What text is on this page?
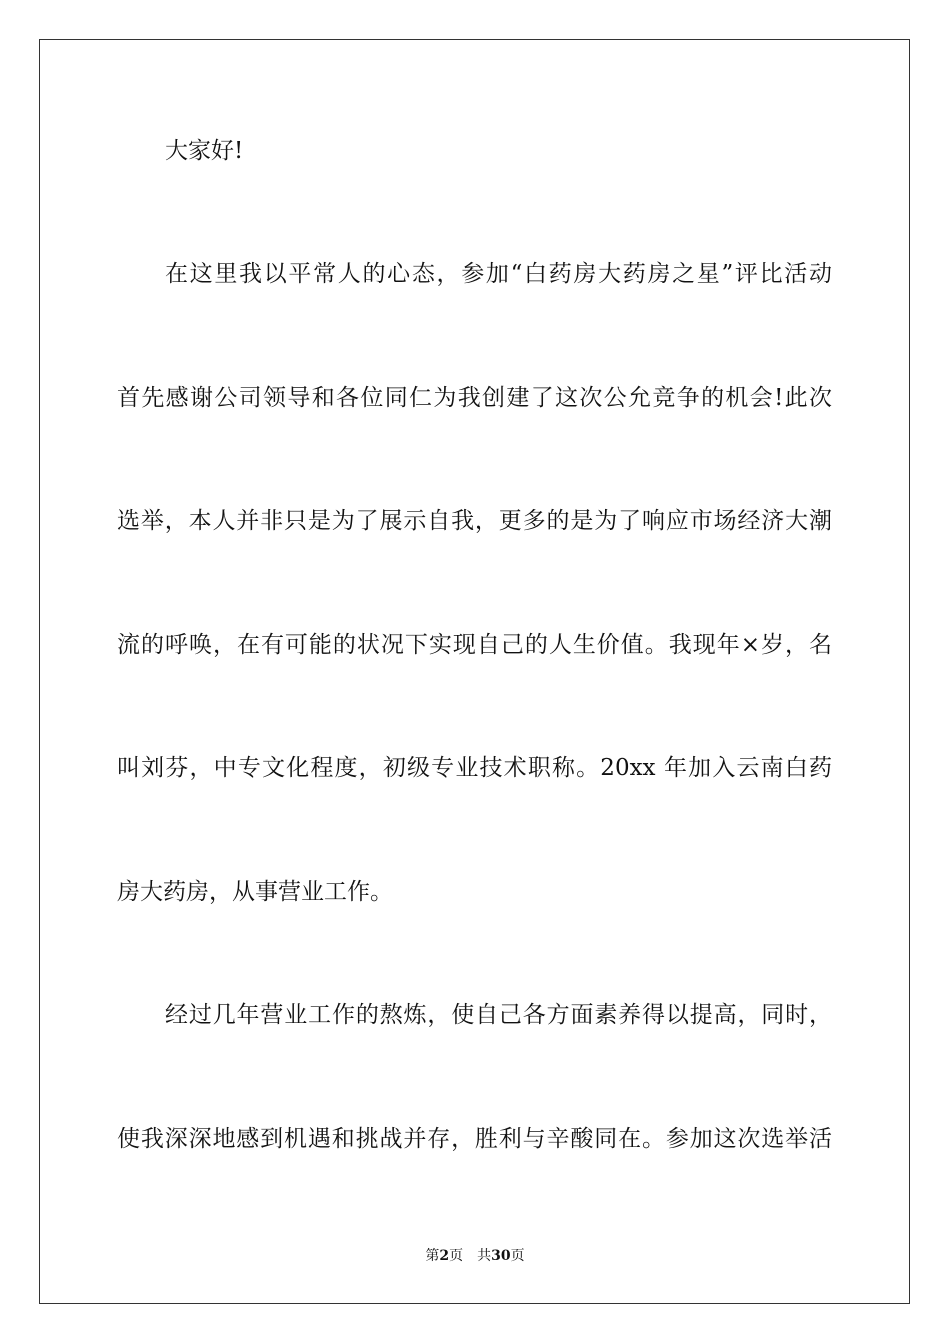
大家好!
在这里我以平常人的心态，参加“白药房大药房之星”评比活动
首先感谢公司领导和各位同仁为我创建了这次公允竞争的机会!此次
选举，本人并非只是为了展示自我，更多的是为了响应市场经济大潮
流的呼唤，在有可能的状况下实现自己的人生价值。我现年×岁，名
叫刘芬，中专文化程度，初级专业技术职称。20xx 年加入云南白药
房大药房，从事营业工作。
经过几年营业工作的熬炼，使自己各方面素养得以提高，同时，
使我深深地感到机遇和挑战并存，胜利与辛酸同在。参加这次选举活
第2页 共30页
